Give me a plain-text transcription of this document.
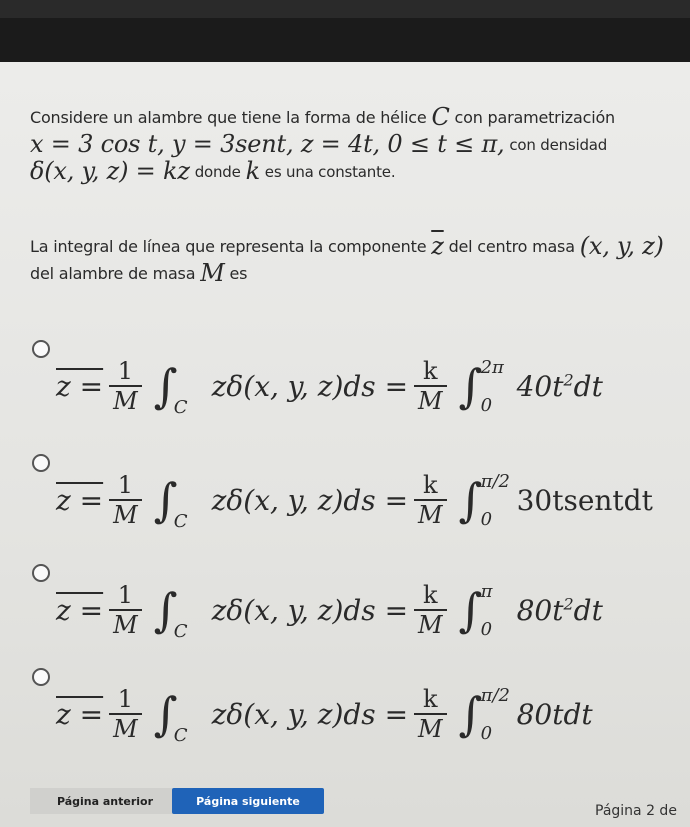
Considere un alambre que tiene la forma de hélice C con parametrización
x = 3 cos t, y = 3sent, z = 4t, 0 ≤ t ≤ π, con densidad
δ(x, y, z) = kz donde k es una constante.
La integral de línea que representa la componente $\overline{z}$ del centro masa (x, y, z)
del alambre de masa M es
$z = \frac{1}{M}$ ∫
C
zδ(x, y, $z)ds = \frac{k}{M}$ ∫
2π
0
$40t^2dt$
$z = \frac{1}{M}$ ∫
C
zδ(x, y, $z)ds = \frac{k}{M}$ ∫
π/2
0
30tsentdt
$z = \frac{1}{M}$ ∫
C
zδ(x, y, $z)ds = \frac{k}{M}$ ∫
π
0
$80t^2dt$
$z = \frac{1}{M}$ ∫
C
zδ(x, y, $z)ds = \frac{k}{M}$ ∫
π/2
0
80tdt
Página anterior	Página siguiente
Página 2 de
